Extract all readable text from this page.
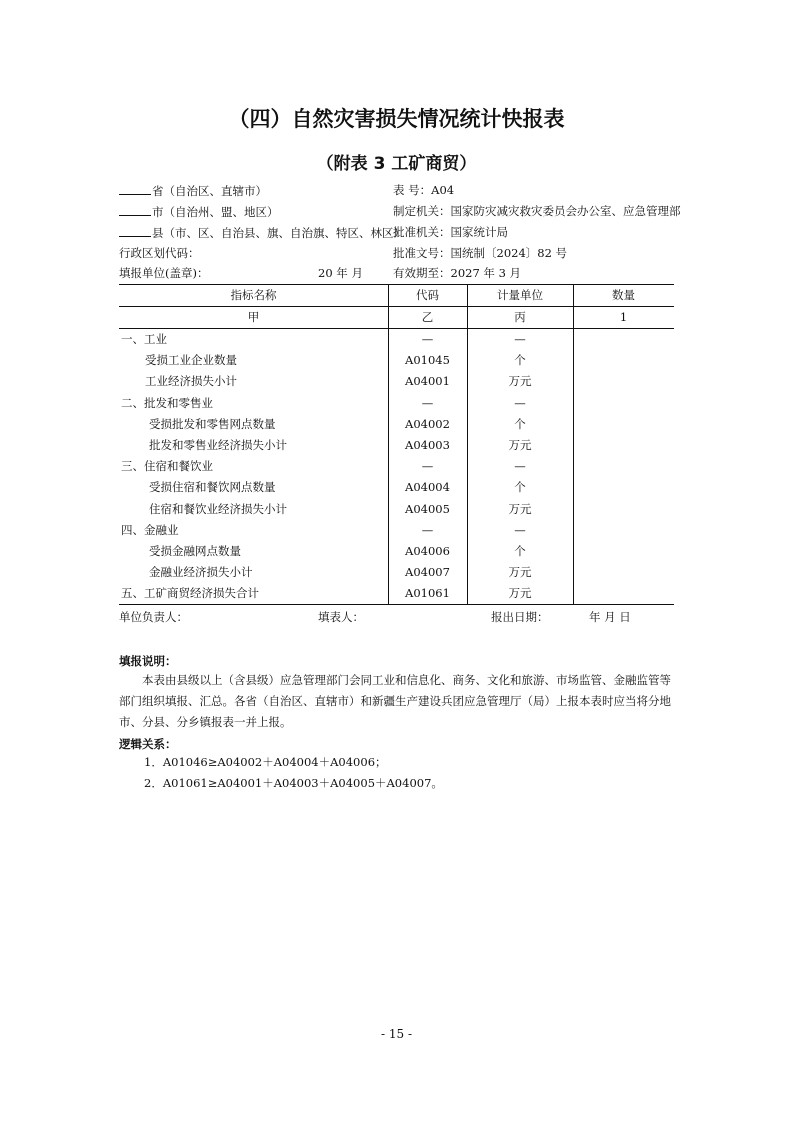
（四）自然灾害损失情况统计快报表
（附表 3 工矿商贸）
省（自治区、直辖市）
市（自治州、盟、地区）
县（市、区、自治县、旗、自治旗、特区、林区）
行政区划代码：
填报单位(盖章)：	20 年 月
表 号：A04
制定机关：国家防灾减灾救灾委员会办公室、应急管理部
批准机关：国家统计局
批准文号：国统制〔2024〕82 号
有效期至：2027 年 3 月
指标名称	代码	计量单位	数量
甲	乙	丙	1
一、工业	—	—
受损工业企业数量	A01045	个
工业经济损失小计	A04001	万元
二、批发和零售业	—	—
受损批发和零售网点数量	A04002	个
批发和零售业经济损失小计	A04003	万元
三、住宿和餐饮业	—	—
受损住宿和餐饮网点数量	A04004	个
住宿和餐饮业经济损失小计	A04005	万元
四、金融业	—	—
受损金融网点数量	A04006	个
金融业经济损失小计	A04007	万元
五、工矿商贸经济损失合计	A01061	万元
单位负责人：	填表人：	报出日期：	年 月 日
填报说明：
本表由县级以上（含县级）应急管理部门会同工业和信息化、商务、文化和旅游、市场监管、金融监管等部门组织填报、汇总。各省（自治区、直辖市）和新疆生产建设兵团应急管理厅（局）上报本表时应当将分地市、分县、分乡镇报表一并上报。
逻辑关系：
1．A01046≥A04002＋A04004＋A04006；
2．A01061≥A04001＋A04003＋A04005＋A04007。
- 15 -
